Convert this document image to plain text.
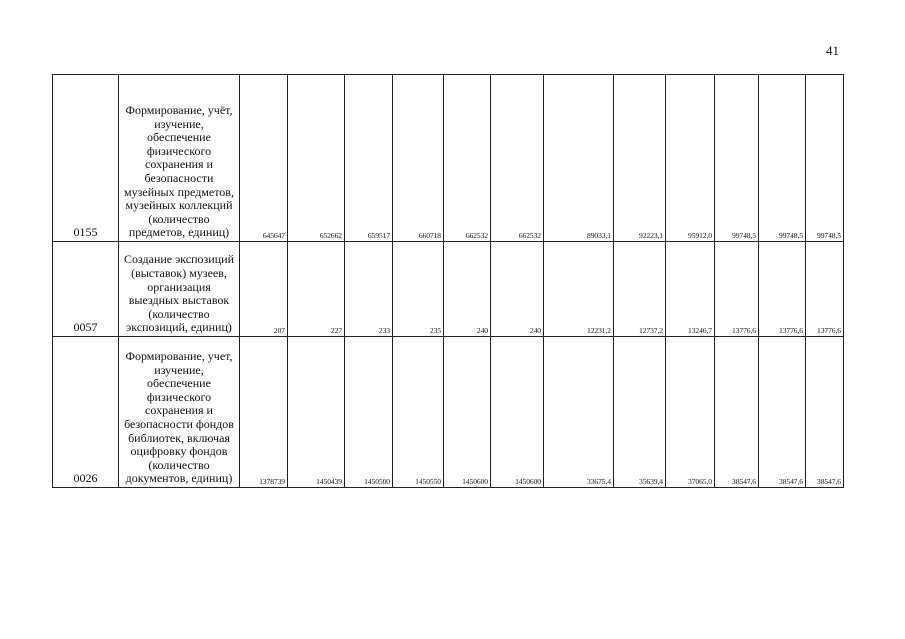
41
0155	Формирование, учёт, изучение, обеспечение физического сохранения и безопасности музейных предметов, музейных коллекций (количество предметов, единиц)	645647	652662	659517	660718	662532	662532	89033,1	92223,1	95912,0	99748,5	99748,5	99748,5
0057	Создание экспозиций (выставок) музеев, организация выездных выставок (количество экспозиций, единиц)	207	227	233	235	240	240	12231,2	12737,2	13246,7	13776,6	13776,6	13776,6
0026	Формирование, учет, изучение, обеспечение физического сохранения и безопасности фондов библиотек, включая оцифровку фондов (количество документов, единиц)	1378739	1450439	1450500	1450550	1450600	1450600	33675,4	35639,4	37065,0	38547,6	38547,6	38547,6
